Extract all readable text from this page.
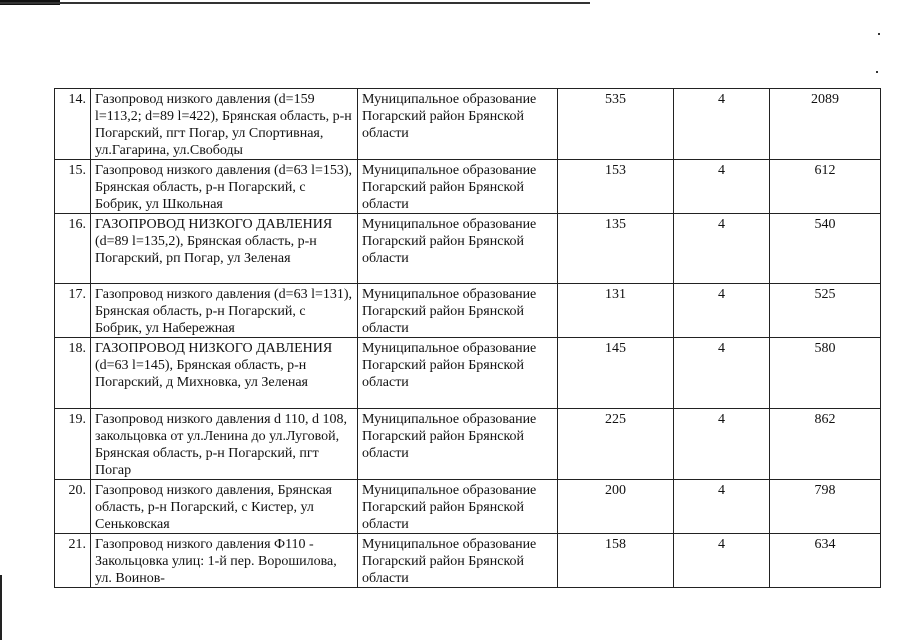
14.	Газопровод низкого давления (d=159 l=113,2; d=89 l=422), Брянская область, р-н Погарский, пгт Погар, ул Спортивная, ул.Гагарина, ул.Свободы	Муниципальное образование Погарский район Брянской области	535	4	2089
15.	Газопровод низкого давления (d=63 l=153), Брянская область, р-н Погарский, с Бобрик, ул Школьная	Муниципальное образование Погарский район Брянской области	153	4	612
16.	ГАЗОПРОВОД НИЗКОГО ДАВЛЕНИЯ (d=89 l=135,2), Брянская область, р-н Погарский, рп Погар, ул Зеленая	Муниципальное образование Погарский район Брянской области	135	4	540
17.	Газопровод низкого давления (d=63 l=131), Брянская область, р-н Погарский, с Бобрик, ул Набережная	Муниципальное образование Погарский район Брянской области	131	4	525
18.	ГАЗОПРОВОД НИЗКОГО ДАВЛЕНИЯ (d=63 l=145), Брянская область, р-н Погарский, д Михновка, ул Зеленая	Муниципальное образование Погарский район Брянской области	145	4	580
19.	Газопровод низкого давления d 110, d 108, закольцовка от ул.Ленина до ул.Луговой, Брянская область, р-н Погарский, пгт Погар	Муниципальное образование Погарский район Брянской области	225	4	862
20.	Газопровод низкого давления, Брянская область, р-н Погарский, с Кистер, ул Сеньковская	Муниципальное образование Погарский район Брянской области	200	4	798
21.	Газопровод низкого давления Ф110 - Закольцовка улиц: 1-й пер. Ворошилова, ул. Воинов-	Муниципальное образование Погарский район Брянской области	158	4	634
